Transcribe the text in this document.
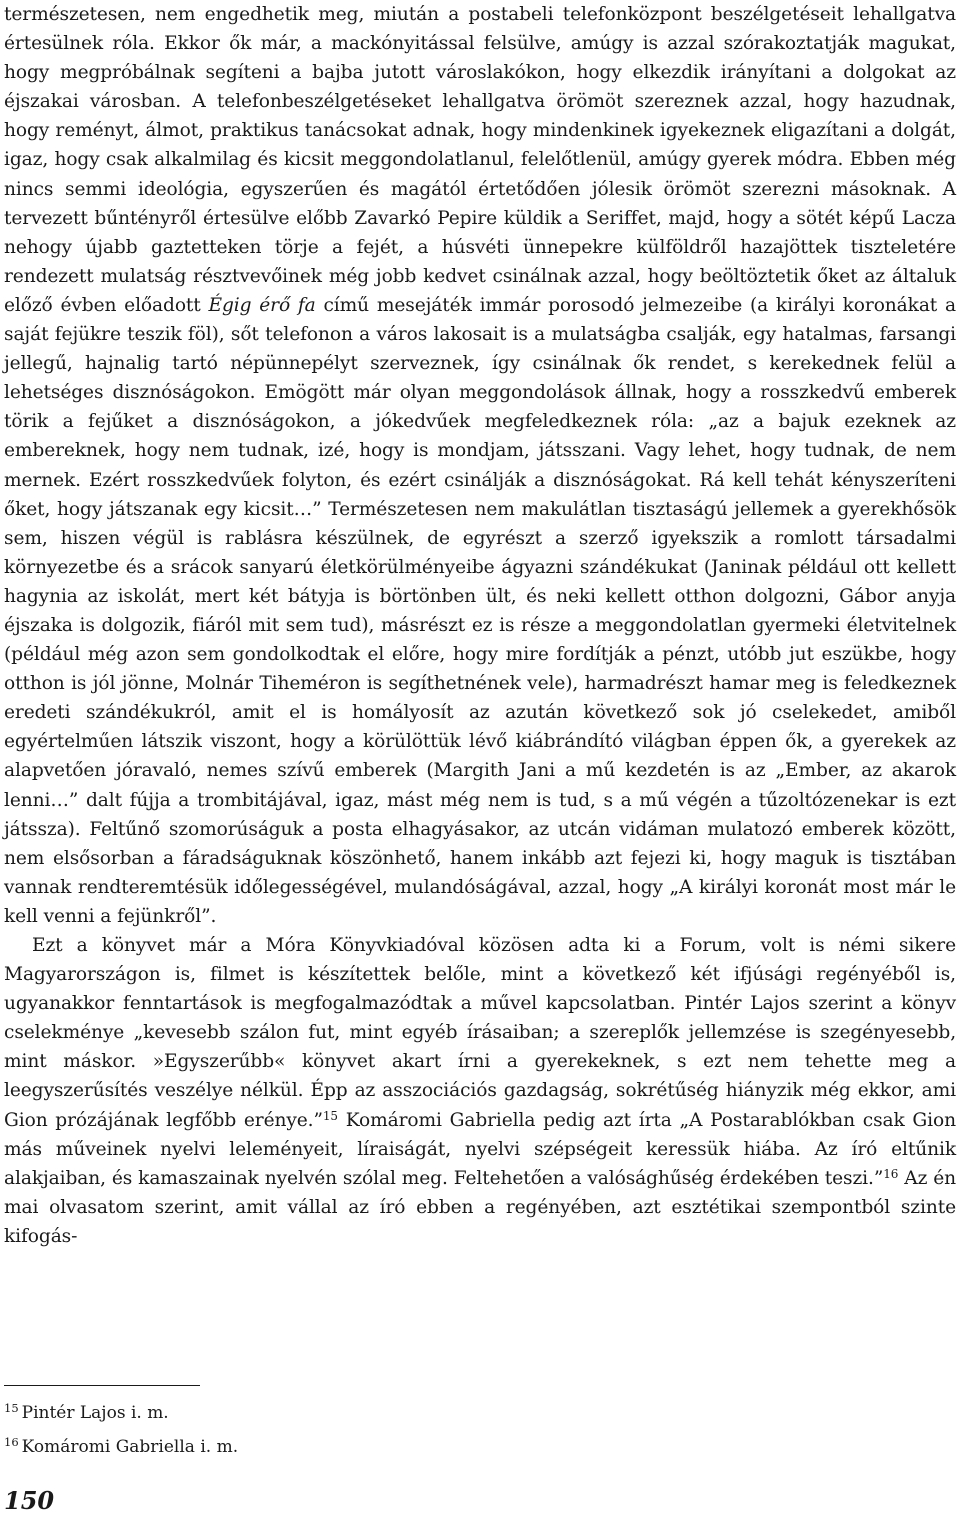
természetesen, nem engedhetik meg, miután a postabeli telefonközpont beszélgetéseit lehallgatva értesülnek róla. Ekkor ők már, a mackónyitással felsülve, amúgy is azzal szórakoztatják magukat, hogy megpróbálnak segíteni a bajba jutott városlakókon, hogy elkezdik irányítani a dolgokat az éjszakai városban. A telefonbeszélgetéseket lehallgatva örömöt szereznek azzal, hogy hazudnak, hogy reményt, álmot, praktikus tanácsokat adnak, hogy mindenkinek igyekeznek eligazítani a dolgát, igaz, hogy csak alkalmilag és kicsit meggondolatlanul, felelőtlenül, amúgy gyerek módra. Ebben még nincs semmi ideológia, egyszerűen és magától értetődően jólesik örömöt szerezni másoknak. A tervezett bűntényről értesülve előbb Zavarkó Pepire küldik a Seriffet, majd, hogy a sötét képű Lacza nehogy újabb gaztetteken törje a fejét, a húsvéti ünnepekre külföldről hazajöttek tiszteletére rendezett mulatság résztvevőinek még jobb kedvet csinálnak azzal, hogy beöltöztetik őket az általuk előző évben előadott Égig érő fa című mesejáték immár porosodó jelmezeibe (a királyi koronákat a saját fejükre teszik föl), sőt telefonon a város lakosait is a mulatságba csalják, egy hatalmas, farsangi jellegű, hajnalig tartó népünnepélyt szerveznek, így csinálnak ők rendet, s kerekednek felül a lehetséges disznóságokon. Emögött már olyan meggondolások állnak, hogy a rosszkedvű emberek törik a fejűket a disznóságokon, a jókedvűek megfeledkeznek róla: „az a bajuk ezeknek az embereknek, hogy nem tudnak, izé, hogy is mondjam, játsszani. Vagy lehet, hogy tudnak, de nem mernek. Ezért rosszkedvűek folyton, és ezért csinálják a disznóságokat. Rá kell tehát kényszeríteni őket, hogy játszanak egy kicsit…” Természetesen nem makulátlan tisztaságú jellemek a gyerekhősök sem, hiszen végül is rablásra készülnek, de egyrészt a szerző igyekszik a romlott társadalmi környezetbe és a srácok sanyarú életkörülményeibe ágyazni szándékukat (Janinak például ott kellett hagynia az iskolát, mert két bátyja is börtönben ült, és neki kellett otthon dolgozni, Gábor anyja éjszaka is dolgozik, fiáról mit sem tud), másrészt ez is része a meggondolatlan gyermeki életvitelnek (például még azon sem gondolkodtak el előre, hogy mire fordítják a pénzt, utóbb jut eszükbe, hogy otthon is jól jönne, Molnár Tiheméron is segíthetnének vele), harmadrészt hamar meg is feledkeznek eredeti szándékukról, amit el is homályosít az azután következő sok jó cselekedet, amiből egyértelműen látszik viszont, hogy a körülöttük lévő kiábrándító világban éppen ők, a gyerekek az alapvetően jóravaló, nemes szívű emberek (Margith Jani a mű kezdetén is az „Ember, az akarok lenni…” dalt fújja a trombitájával, igaz, mást még nem is tud, s a mű végén a tűzoltózenekar is ezt játssza). Feltűnő szomorúságuk a posta elhagyásakor, az utcán vidáman mulatozó emberek között, nem elsősorban a fáradságuknak köszönhető, hanem inkább azt fejezi ki, hogy maguk is tisztában vannak rendteremtésük időlegességével, mulandóságával, azzal, hogy „A királyi koronát most már le kell venni a fejünkről”.

Ezt a könyvet már a Móra Könyvkiadóval közösen adta ki a Forum, volt is némi sikere Magyarországon is, filmet is készítettek belőle, mint a következő két ifjúsági regényéből is, ugyanakkor fenntartások is megfogalmazódtak a művel kapcsolatban. Pintér Lajos szerint a könyv cselekménye „kevesebb szálon fut, mint egyéb írásaiban; a szereplők jellemzése is szegényesebb, mint máskor. »Egyszerűbb« könyvet akart írni a gyerekeknek, s ezt nem tehette meg a leegyszerűsítés veszélye nélkül. Épp az asszociációs gazdagság, sokrétűség hiányzik még ekkor, ami Gion prózájának legfőbb erénye.”$^{15}$ Komáromi Gabriella pedig azt írta „A Postarablókban csak Gion más műveinek nyelvi leleményeit, líraiságát, nyelvi szépségeit keressük hiába. Az író eltűnik alakjaiban, és kamaszainak nyelvén szólal meg. Feltehetően a valósághűség érdekében teszi.”$^{16}$ Az én mai olvasatom szerint, amit vállal az író ebben a regényében, azt esztétikai szempontból szinte kifogás-

$^{15}$ Pintér Lajos i. m.
$^{16}$ Komáromi Gabriella i. m.
150
